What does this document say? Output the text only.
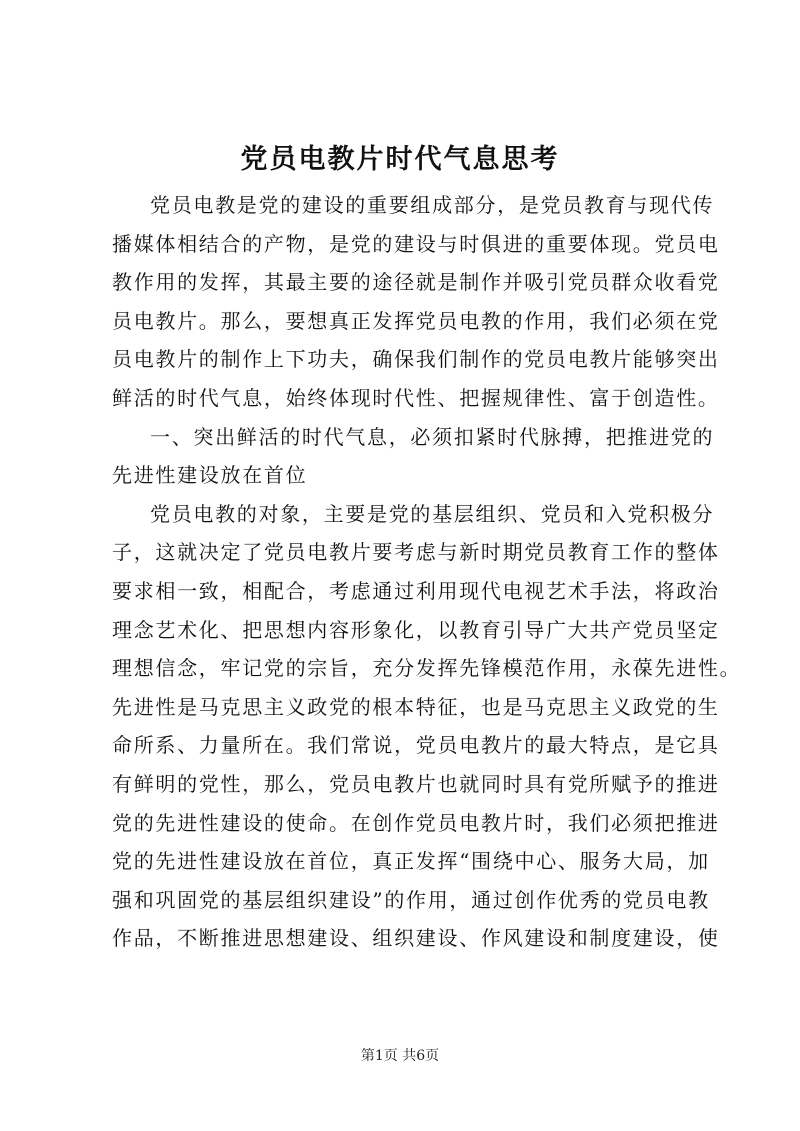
党员电教片时代气息思考
党员电教是党的建设的重要组成部分，是党员教育与现代传
播媒体相结合的产物，是党的建设与时俱进的重要体现。党员电
教作用的发挥，其最主要的途径就是制作并吸引党员群众收看党
员电教片。那么，要想真正发挥党员电教的作用，我们必须在党
员电教片的制作上下功夫，确保我们制作的党员电教片能够突出
鲜活的时代气息，始终体现时代性、把握规律性、富于创造性。
一、突出鲜活的时代气息，必须扣紧时代脉搏，把推进党的
先进性建设放在首位
党员电教的对象，主要是党的基层组织、党员和入党积极分
子，这就决定了党员电教片要考虑与新时期党员教育工作的整体
要求相一致，相配合，考虑通过利用现代电视艺术手法，将政治
理念艺术化、把思想内容形象化，以教育引导广大共产党员坚定
理想信念，牢记党的宗旨，充分发挥先锋模范作用，永葆先进性。
先进性是马克思主义政党的根本特征，也是马克思主义政党的生
命所系、力量所在。我们常说，党员电教片的最大特点，是它具
有鲜明的党性，那么，党员电教片也就同时具有党所赋予的推进
党的先进性建设的使命。在创作党员电教片时，我们必须把推进
党的先进性建设放在首位，真正发挥“围绕中心、服务大局，加
强和巩固党的基层组织建设”的作用，通过创作优秀的党员电教
作品，不断推进思想建设、组织建设、作风建设和制度建设，使
第1页 共6页
